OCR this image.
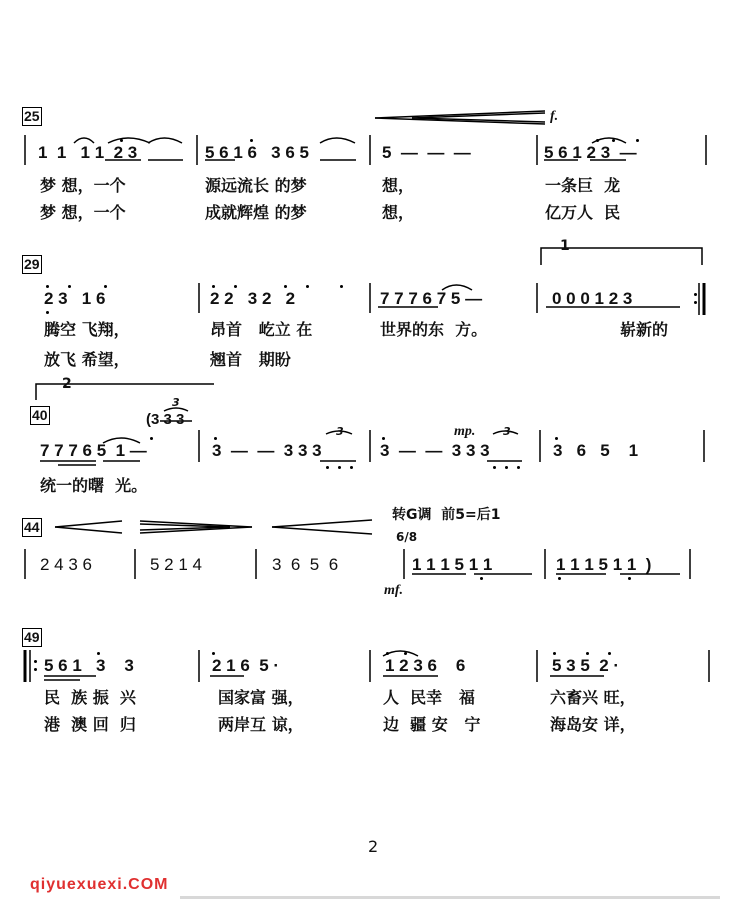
25	f.
1  1   1 1  2 3	5 6 1 6   3 6 5	5  —  —  —	5 6 1 2 3  —
梦 想，一个	源远流长 的梦	想，	一条巨  龙
梦 想，一个	成就辉煌 的梦	想，	亿万人  民
29
1
2 3   1 6	2 2   3 2   2	7 7 7 6 7 5 —	0 0 0 1 2 3
腾空 飞翔，	昂首   屹立 在	世界的东  方。	崭新的
放飞 希望，	翘首   期盼
2
40	(3 3 3
3
3	3
mp.
7 7 7 6 5  1 —	3  —  —  3 3 3	3  —  —  3 3 3	3   6   5    1
统一的曙  光。
44
转G调  前5=后1
6/8
mf.
2 4 3 6	5 2 1 4	3  6  5  6	1 1 1 5 1 1	1 1 1 5 1 1  )
49
5 6 1   3    3	2 1 6  5 ·	1 2 3 6    6	5 3 5  2 ·
民  族 振  兴	国家富 强，	人  民幸   福	六畜兴 旺，
港  澳 回  归	两岸互 谅，	边  疆 安   宁	海岛安 详，
2
qiyuexuexi.COM
